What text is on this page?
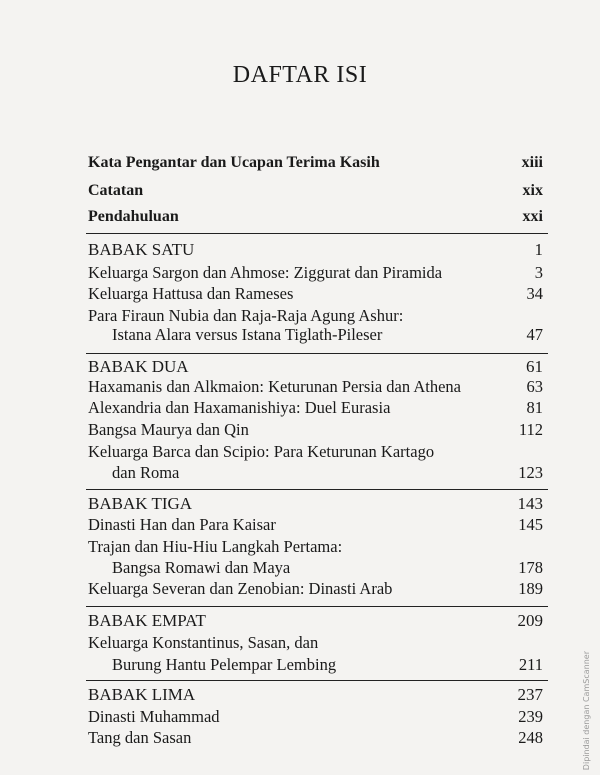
DAFTAR ISI
Kata Pengantar dan Ucapan Terima Kasih	xiii
Catatan	xix
Pendahuluan	xxi
BABAK SATU	1
Keluarga Sargon dan Ahmose: Ziggurat dan Piramida	3
Keluarga Hattusa dan Rameses	34
Para Firaun Nubia dan Raja-Raja Agung Ashur:
Istana Alara versus Istana Tiglath-Pileser	47
BABAK DUA	61
Haxamanis dan Alkmaion: Keturunan Persia dan Athena	63
Alexandria dan Haxamanishiya: Duel Eurasia	81
Bangsa Maurya dan Qin	112
Keluarga Barca dan Scipio: Para Keturunan Kartago
dan Roma	123
BABAK TIGA	143
Dinasti Han dan Para Kaisar	145
Trajan dan Hiu-Hiu Langkah Pertama:
Bangsa Romawi dan Maya	178
Keluarga Severan dan Zenobian: Dinasti Arab	189
BABAK EMPAT	209
Keluarga Konstantinus, Sasan, dan
Burung Hantu Pelempar Lembing	211
BABAK LIMA	237
Dinasti Muhammad	239
Tang dan Sasan	248	Dipindai dengan CamScanner
